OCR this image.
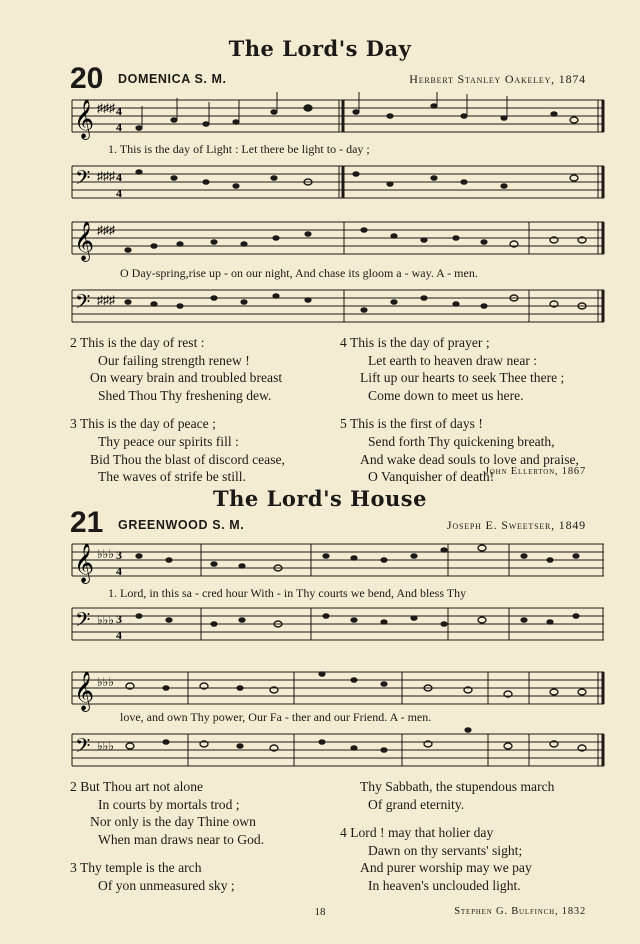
The Lord's Day
20 DOMENICA S. M.	Herbert Stanley Oakeley, 1874
𝄞 ♯♯♯ 4
4
1. This is the day of Light : Let there be light to - day ;
𝄢 ♯♯♯ 4
4
𝄞 ♯♯♯
O Day-spring,rise up - on our night, And chase its gloom a - way. A - men.
𝄢 ♯♯♯
2 This is the day of rest :
Our failing strength renew !
On weary brain and troubled breast
Shed Thou Thy freshening dew.
3 This is the day of peace ;
Thy peace our spirits fill :
Bid Thou the blast of discord cease,
The waves of strife be still.
4 This is the day of prayer ;
Let earth to heaven draw near :
Lift up our hearts to seek Thee there ;
Come down to meet us here.
5 This is the first of days !
Send forth Thy quickening breath,
And wake dead souls to love and praise,
O Vanquisher of death!
John Ellerton, 1867
The Lord's House
21 GREENWOOD S. M.	Joseph E. Sweetser, 1849
𝄞 ♭♭♭ 3
4
1. Lord, in this sa - cred hour With - in Thy courts we bend, And bless Thy
𝄢 ♭♭♭ 3
4
𝄞 ♭♭♭
love, and own Thy power, Our Fa - ther and our Friend. A - men.
𝄢 ♭♭♭
2 But Thou art not alone
In courts by mortals trod ;
Nor only is the day Thine own
When man draws near to God.
3 Thy temple is the arch
Of yon unmeasured sky ;
Thy Sabbath, the stupendous march
Of grand eternity.
4 Lord ! may that holier day
Dawn on thy servants' sight;
And purer worship may we pay
In heaven's unclouded light.
Stephen G. Bulfinch, 1832
18
